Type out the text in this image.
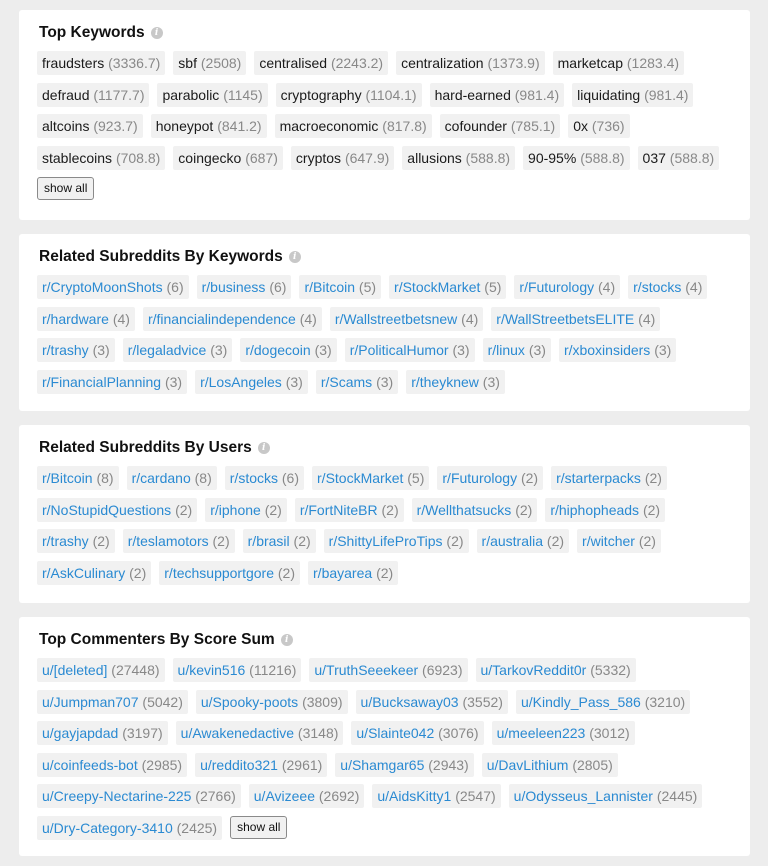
Top Keywords	i
fraudsters (3336.7)	sbf (2508)	centralised (2243.2)	centralization (1373.9)	marketcap (1283.4)
defraud (1177.7)	parabolic (1145)	cryptography (1104.1)	hard-earned (981.4)	liquidating (981.4)
altcoins (923.7)	honeypot (841.2)	macroeconomic (817.8)	cofounder (785.1)	0x (736)
stablecoins (708.8)	coingecko (687)	cryptos (647.9)	allusions (588.8)	90-95% (588.8)	037 (588.8)
show all
Related Subreddits By Keywords	i
r/CryptoMoonShots (6)	r/business (6)	r/Bitcoin (5)	r/StockMarket (5)	r/Futurology (4)	r/stocks (4)
r/hardware (4)	r/financialindependence (4)	r/Wallstreetbetsnew (4)	r/WallStreetbetsELITE (4)
r/trashy (3)	r/legaladvice (3)	r/dogecoin (3)	r/PoliticalHumor (3)	r/linux (3)	r/xboxinsiders (3)
r/FinancialPlanning (3)	r/LosAngeles (3)	r/Scams (3)	r/theyknew (3)
Related Subreddits By Users	i
r/Bitcoin (8)	r/cardano (8)	r/stocks (6)	r/StockMarket (5)	r/Futurology (2)	r/starterpacks (2)
r/NoStupidQuestions (2)	r/iphone (2)	r/FortNiteBR (2)	r/Wellthatsucks (2)	r/hiphopheads (2)
r/trashy (2)	r/teslamotors (2)	r/brasil (2)	r/ShittyLifeProTips (2)	r/australia (2)	r/witcher (2)
r/AskCulinary (2)	r/techsupportgore (2)	r/bayarea (2)
Top Commenters By Score Sum	i
u/[deleted] (27448)	u/kevin516 (11216)	u/TruthSeeekeer (6923)	u/TarkovReddit0r (5332)
u/Jumpman707 (5042)	u/Spooky-poots (3809)	u/Bucksaway03 (3552)	u/Kindly_Pass_586 (3210)
u/gayjapdad (3197)	u/Awakenedactive (3148)	u/Slainte042 (3076)	u/meeleen223 (3012)
u/coinfeeds-bot (2985)	u/reddito321 (2961)	u/Shamgar65 (2943)	u/DavLithium (2805)
u/Creepy-Nectarine-225 (2766)	u/Avizeee (2692)	u/AidsKitty1 (2547)	u/Odysseus_Lannister (2445)
u/Dry-Category-3410 (2425)	show all
